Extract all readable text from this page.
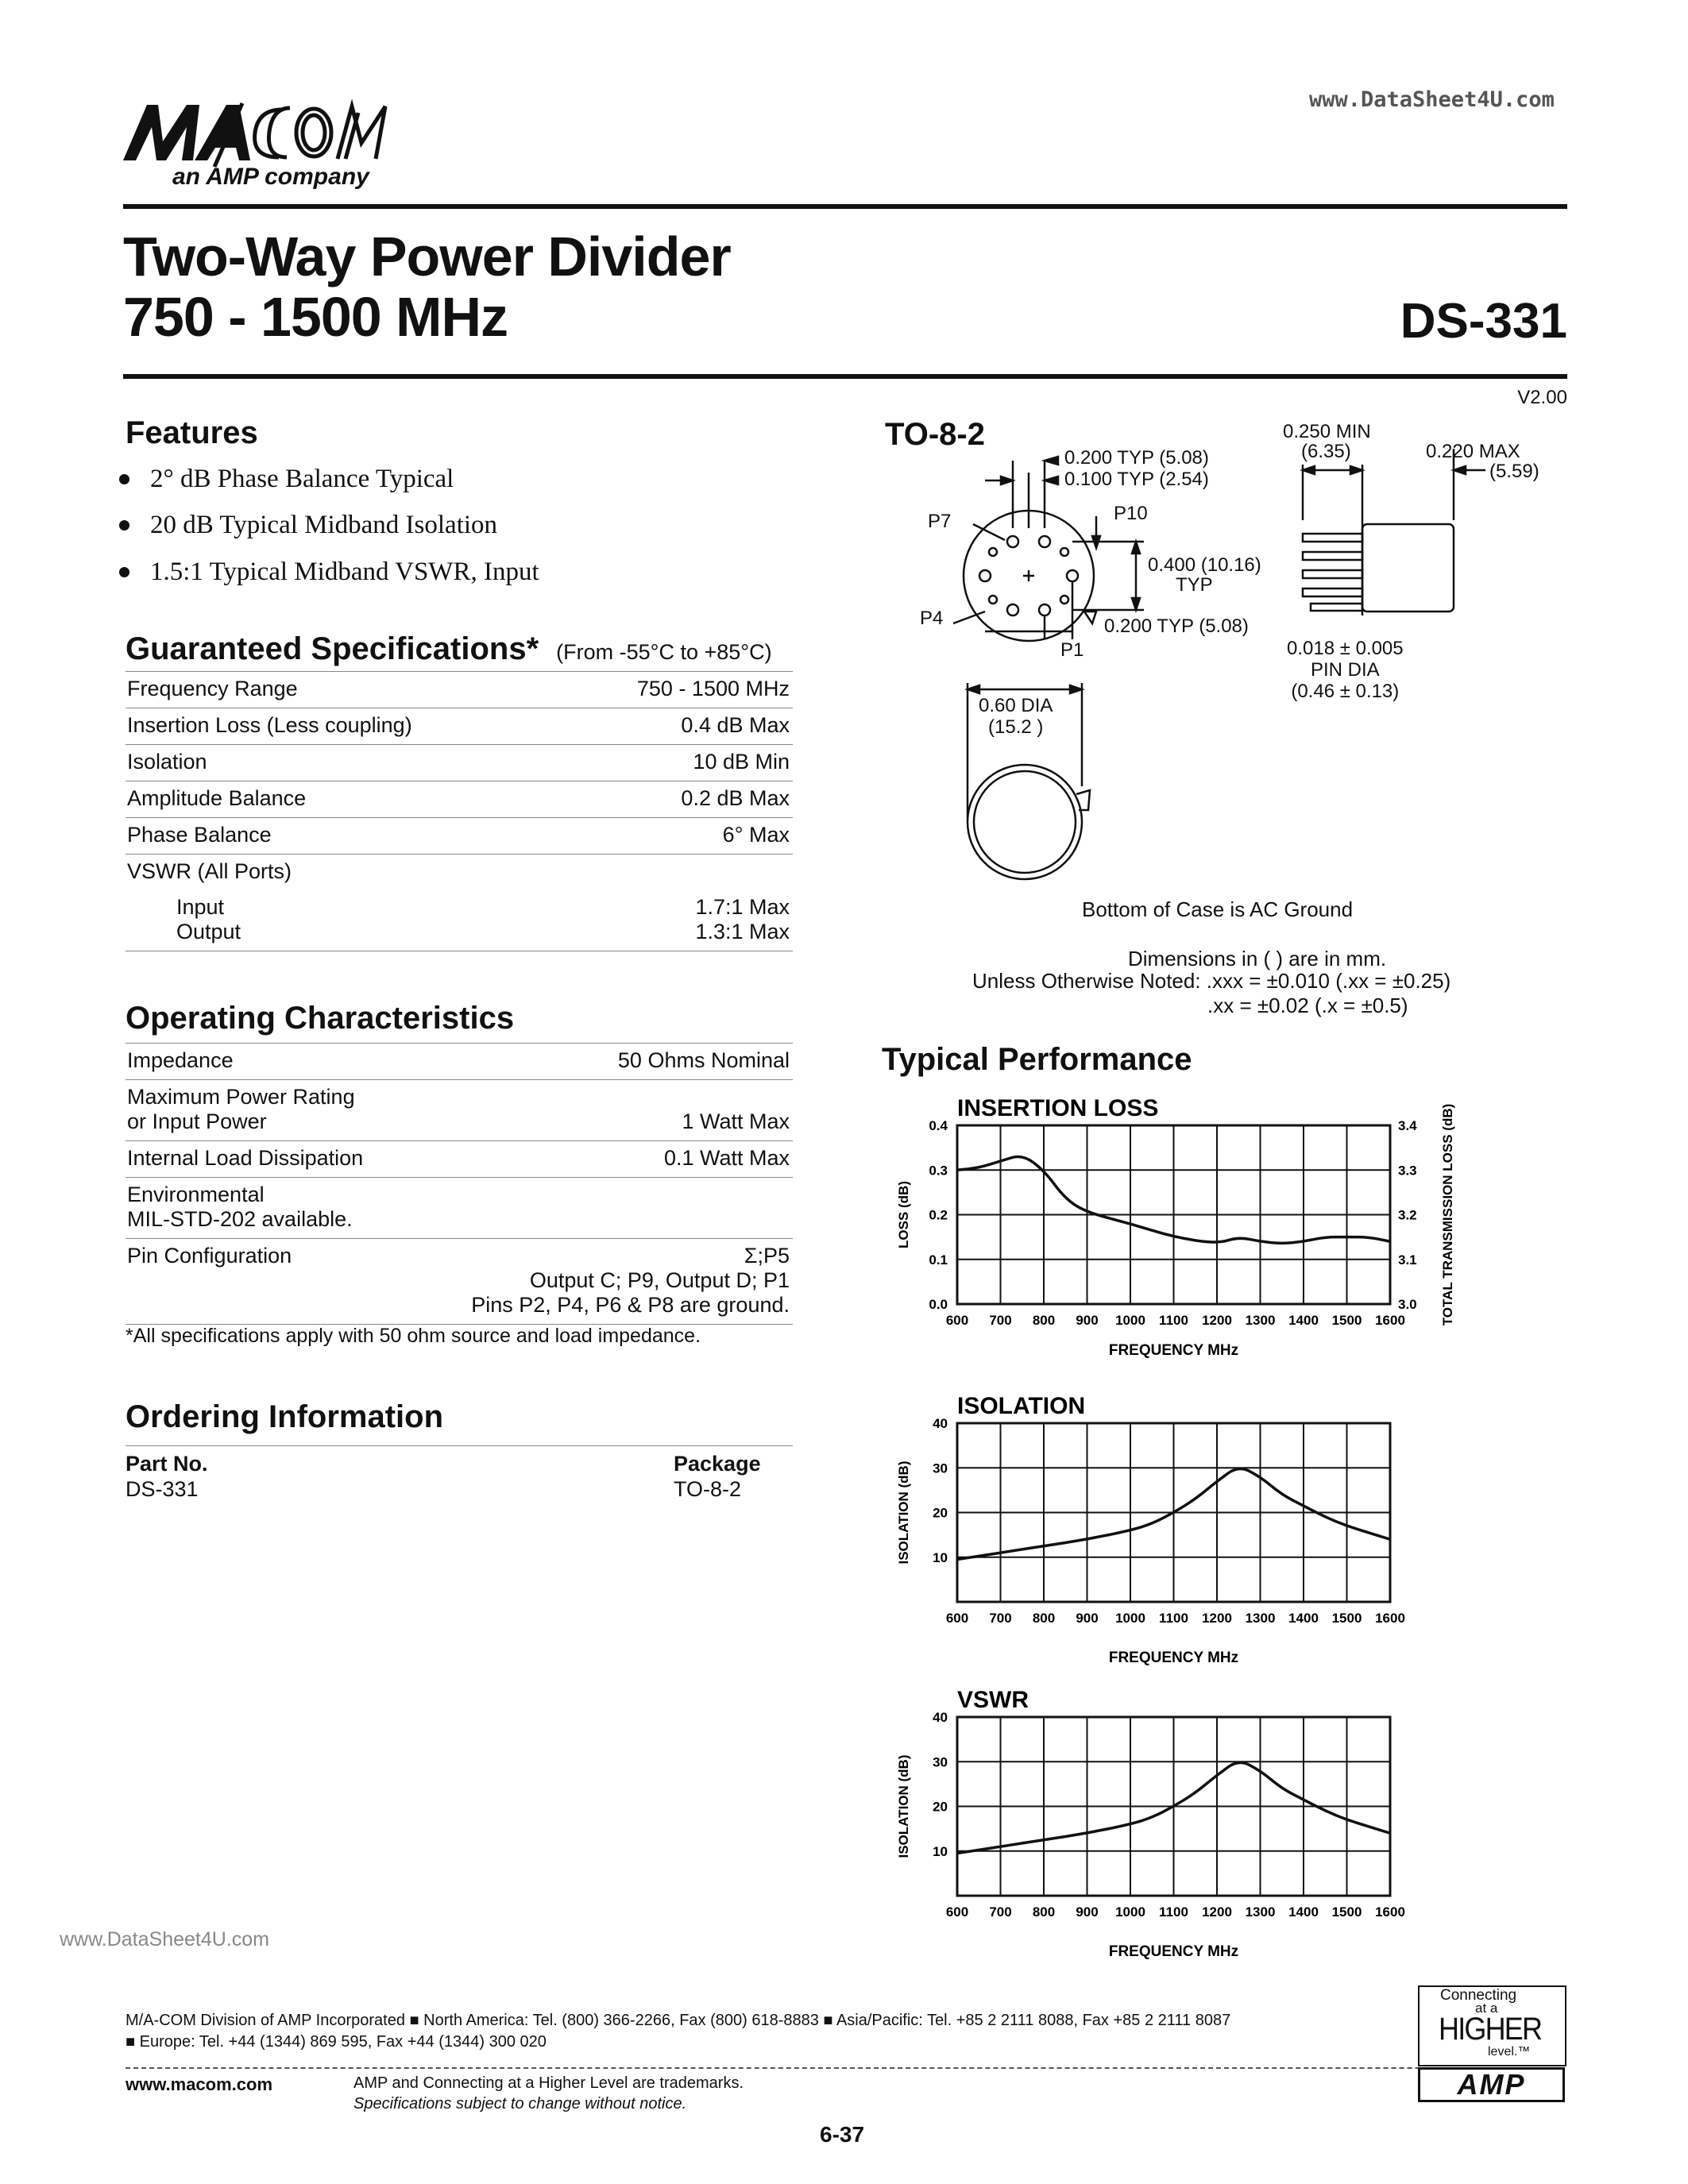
www.DataSheet4U.com
an AMP company
Two-Way Power Divider
750 - 1500 MHz	DS-331
V2.00
Features
2° dB Phase Balance Typical
20 dB Typical Midband Isolation
1.5:1 Typical Midband VSWR, Input
Guaranteed Specifications* (From -55°C to +85°C)
Frequency Range	750 - 1500 MHz
Insertion Loss (Less coupling)	0.4 dB Max
Isolation	10 dB Min
Amplitude Balance	0.2 dB Max
Phase Balance	6° Max
VSWR (All Ports)
Input	1.7:1 Max
Output	1.3:1 Max
Operating Characteristics
Impedance	50 Ohms Nominal
Maximum Power Rating
or Input Power	1 Watt Max
Internal Load Dissipation	0.1 Watt Max
Environmental
MIL-STD-202 available.
Pin Configuration	Σ;P5
Output C; P9, Output D; P1
Pins P2, P4, P6 & P8 are ground.
*All specifications apply with 50 ohm source and load impedance.
Ordering Information
Part No.	Package
DS-331	TO-8-2
TO-8-2
0.200 TYP (5.08)
0.100 TYP (2.54)
P7	P10
0.400 (10.16)
TYP
P4	0.200 TYP (5.08)
P1
0.250 MIN
(6.35)	0.220 MAX
(5.59)
0.018 ± 0.005
PIN DIA
(0.46 ± 0.13)
0.60 DIA
(15.2 )
Bottom of Case is AC Ground
Dimensions in ( ) are in mm.
Unless Otherwise Noted: .xxx = ±0.010 (.xx = ±0.25)
.xx = ±0.02 (.x = ±0.5)
Typical Performance
INSERTION LOSS
600 700 800 900 1000 1100 1200 1300 1400 1500 1600
0.0
0.1
0.2
0.3
0.4
3.0
3.1
3.2
3.3
3.4 TOTAL TRANSMISSION LOSS (dB)
LOSS (dB)
FREQUENCY MHz
ISOLATION
600 700 800 900 1000 1100 1200 1300 1400 1500 1600
10
20
30
40
ISOLATION (dB)
FREQUENCY MHz
VSWR
600 700 800 900 1000 1100 1200 1300 1400 1500 1600
10
20
30
40
ISOLATION (dB)
FREQUENCY MHz
www.DataSheet4U.com
M/A-COM Division of AMP Incorporated ■ North America: Tel. (800) 366-2266, Fax (800) 618-8883 ■ Asia/Pacific: Tel. +85 2 2111 8088, Fax +85 2 2111 8087
■ Europe: Tel. +44 (1344) 869 595, Fax +44 (1344) 300 020
www.macom.com	AMP and Connecting at a Higher Level are trademarks.
Specifications subject to change without notice.
6-37
Connecting
at a
HIGHER
level.™
AMP
